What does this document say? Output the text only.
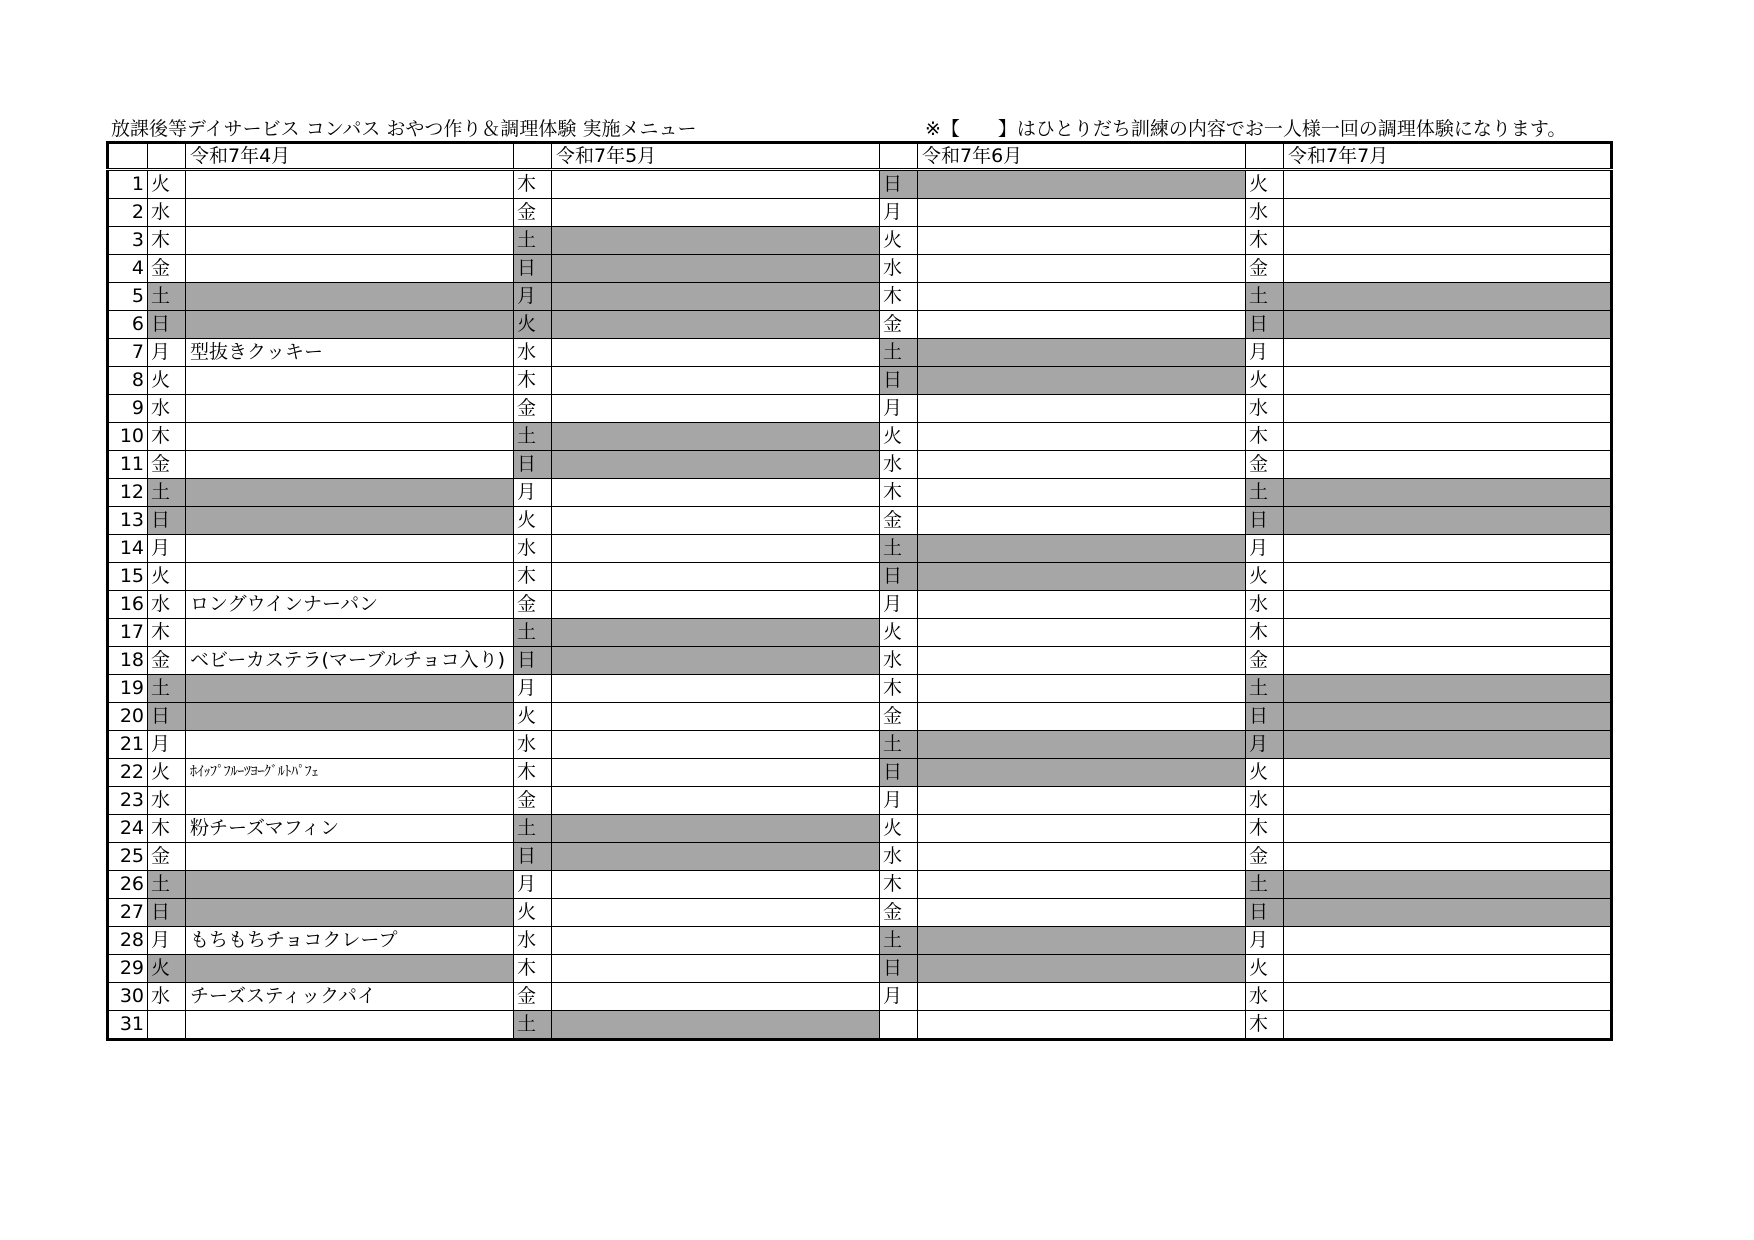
放課後等デイサービス コンパス おやつ作り＆調理体験 実施メニュー	※【　　】はひとりだち訓練の内容でお一人様一回の調理体験になります。
		令和7年4月		令和7年5月		令和7年6月		令和7年7月
1	火		木		日		火	
2	水		金		月		水	
3	木		土		火		木	
4	金		日		水		金	
5	土		月		木		土	
6	日		火		金		日	
7	月	型抜きクッキー	水		土		月	
8	火		木		日		火	
9	水		金		月		水	
10	木		土		火		木	
11	金		日		水		金	
12	土		月		木		土	
13	日		火		金		日	
14	月		水		土		月	
15	火		木		日		火	
16	水	ロングウインナーパン	金		月		水	
17	木		土		火		木	
18	金	ベビーカステラ(マーブルチョコ入り)	日		水		金	
19	土		月		木		土	
20	日		火		金		日	
21	月		水		土		月	
22	火	ﾎｲｯﾌﾟﾌﾙｰﾂﾖｰｸﾞﾙﾄﾊﾟﾌｪ	木		日		火	
23	水		金		月		水	
24	木	粉チーズマフィン	土		火		木	
25	金		日		水		金	
26	土		月		木		土	
27	日		火		金		日	
28	月	もちもちチョコクレープ	水		土		月	
29	火		木		日		火	
30	水	チーズスティックパイ	金		月		水	
31			土				木	
